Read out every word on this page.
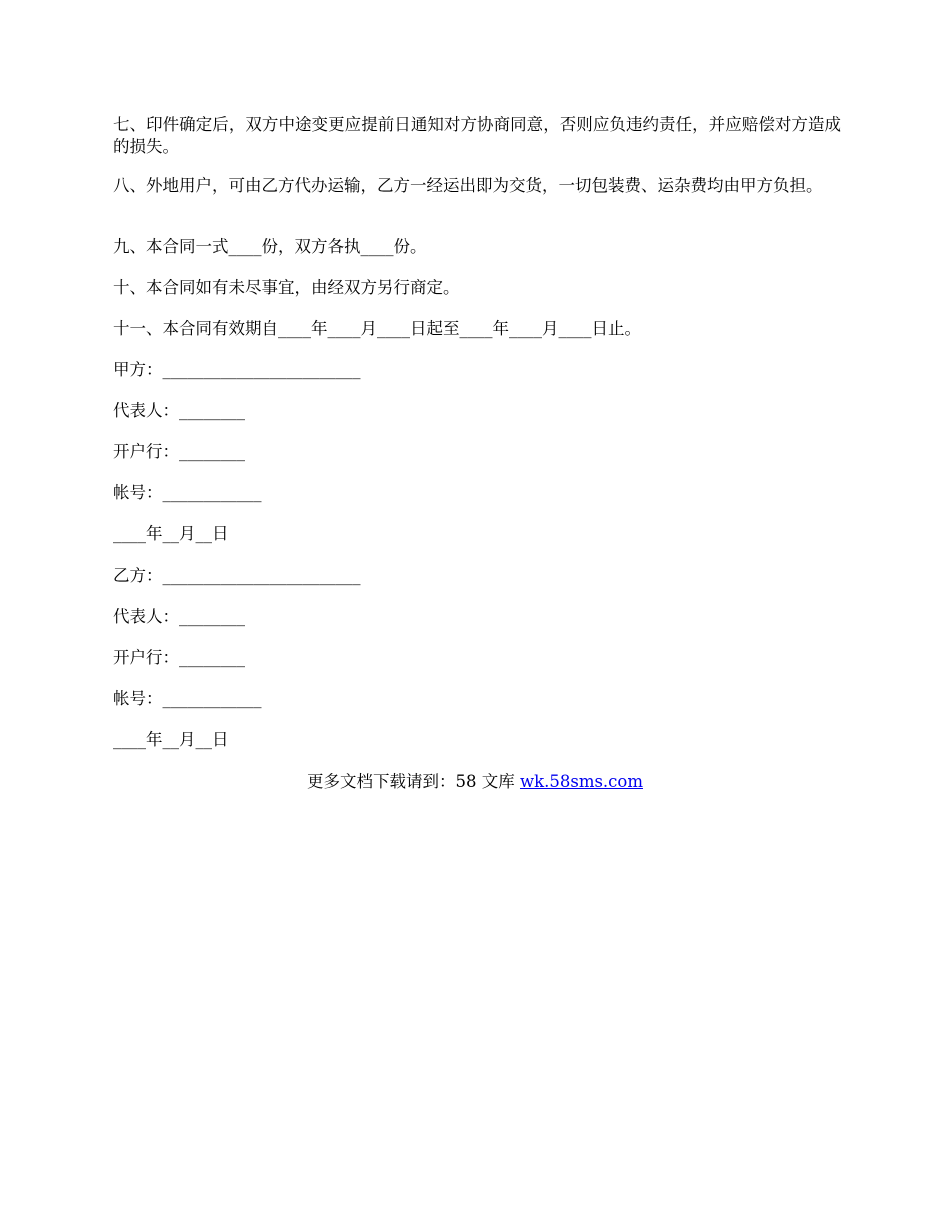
七、印件确定后，双方中途变更应提前日通知对方协商同意，否则应负违约责任，并应赔偿对方造成的损失。

八、外地用户，可由乙方代办运输，乙方一经运出即为交货，一切包装费、运杂费均由甲方负担。

九、本合同一式____份，双方各执____份。

十、本合同如有未尽事宜，由经双方另行商定。

十一、本合同有效期自____年____月____日起至____年____月____日止。

甲方：________________________

代表人：________

开户行：________

帐号：____________

____年__月__日

乙方：________________________

代表人：________

开户行：________

帐号：____________

____年__月__日

更多文档下载请到：58 文库 wk.58sms.com
